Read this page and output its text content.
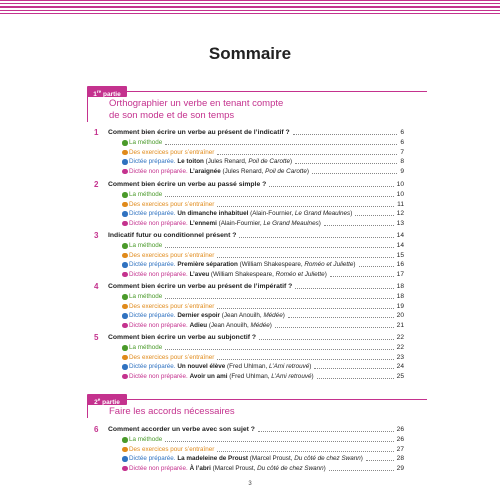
Sommaire
1re partie
Orthographier un verbe en tenant compte
de son mode et de son temps
1 Comment bien écrire un verbe au présent de l’indicatif ?	6
La méthode	6
Des exercices pour s’entraîner	7
Dictée préparée. Le toiton (Jules Renard, Poil de Carotte)	8
Dictée non préparée. L’araignée (Jules Renard, Poil de Carotte)	9
2 Comment bien écrire un verbe au passé simple ?	10
La méthode	10
Des exercices pour s’entraîner	11
Dictée préparée. Un dimanche inhabituel (Alain-Fournier, Le Grand Meaulnes)	12
Dictée non préparée. L’ennemi (Alain-Fournier, Le Grand Meaulnes)	13
3 Indicatif futur ou conditionnel présent ?	14
La méthode	14
Des exercices pour s’entraîner	15
Dictée préparée. Première séparation (William Shakespeare, Roméo et Juliette)	16
Dictée non préparée. L’aveu (William Shakespeare, Roméo et Juliette)	17
4 Comment bien écrire un verbe au présent de l’impératif ?	18
La méthode	18
Des exercices pour s’entraîner	19
Dictée préparée. Dernier espoir (Jean Anouilh, Médée)	20
Dictée non préparée. Adieu (Jean Anouilh, Médée)	21
5 Comment bien écrire un verbe au subjonctif ?	22
La méthode	22
Des exercices pour s’entraîner	23
Dictée préparée. Un nouvel élève (Fred Uhlman, L’Ami retrouvé)	24
Dictée non préparée. Avoir un ami (Fred Uhlman, L’Ami retrouvé)	25
2e partie
Faire les accords nécessaires
6 Comment accorder un verbe avec son sujet ?	26
La méthode	26
Des exercices pour s’entraîner	27
Dictée préparée. La madeleine de Proust (Marcel Proust, Du côté de chez Swann)	28
Dictée non préparée. À l’abri (Marcel Proust, Du côté de chez Swann)	29
3
